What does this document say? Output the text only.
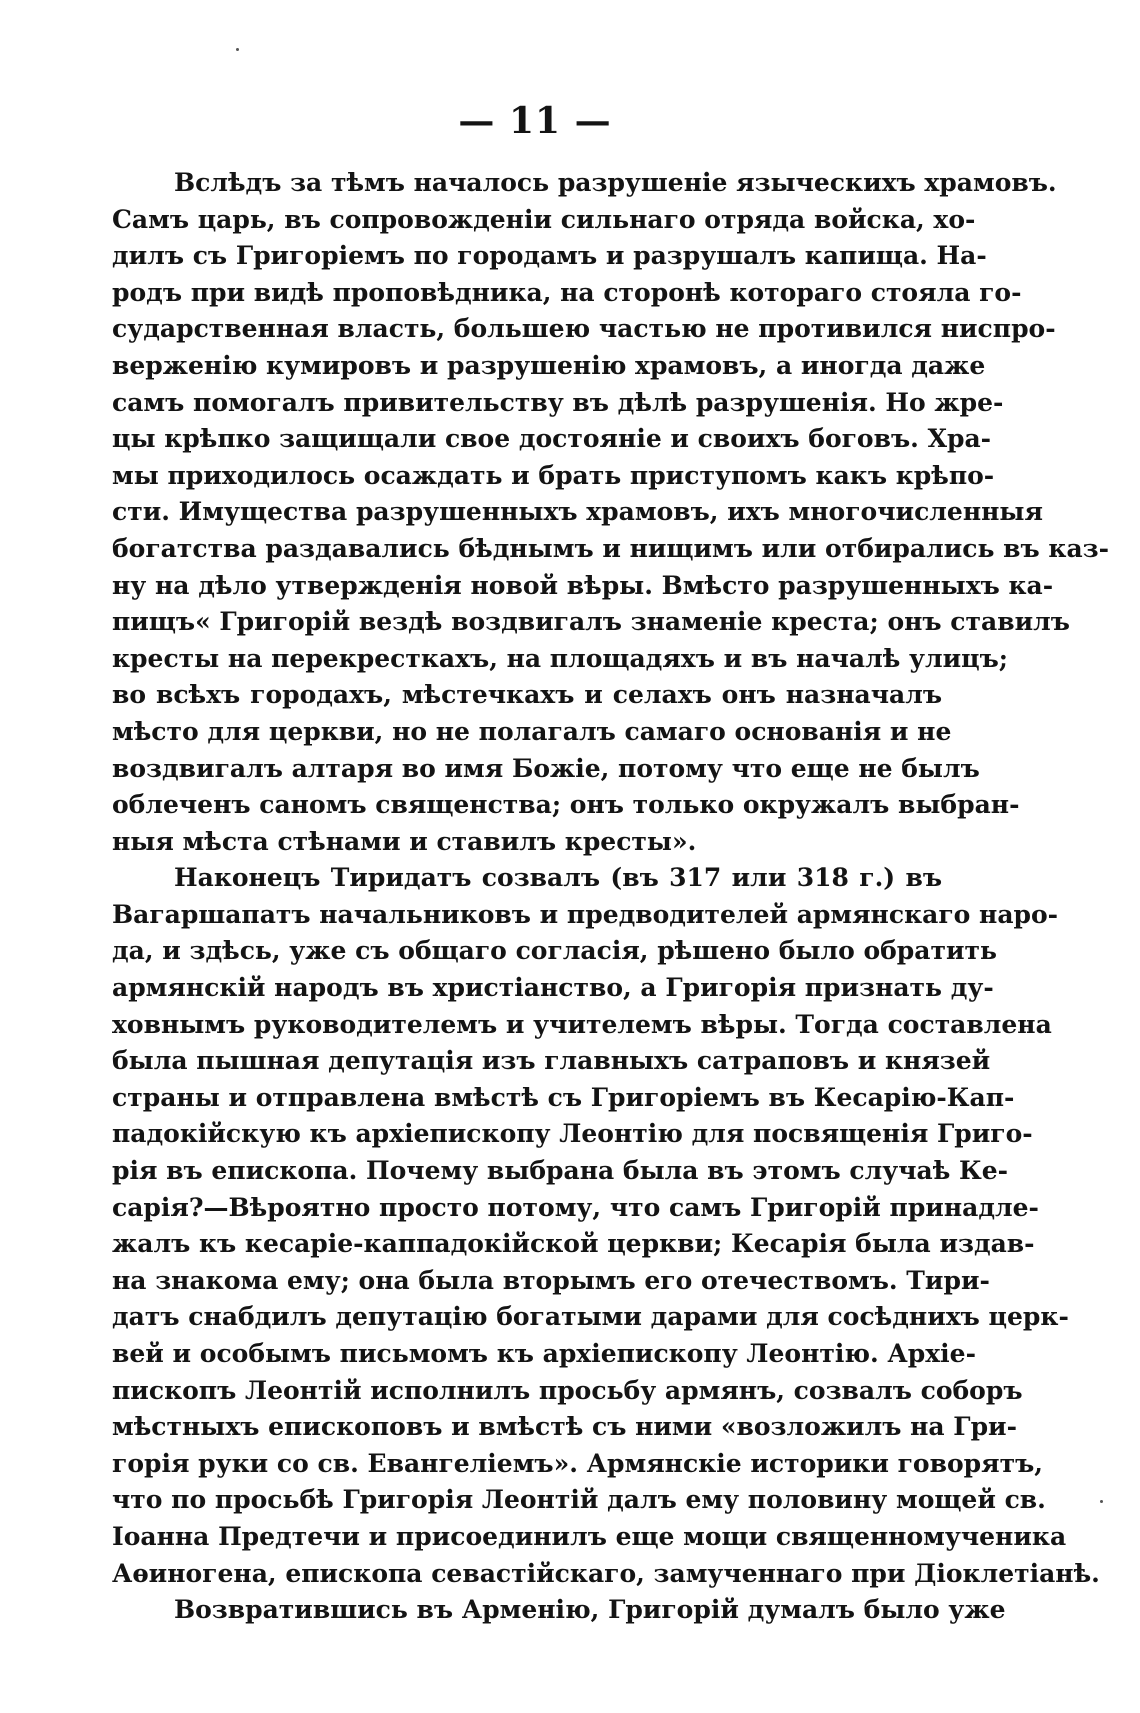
— 11 —
Вслѣдъ за тѣмъ началось разрушеніе языческихъ храмовъ.
Самъ царь, въ сопровожденіи сильнаго отряда войска, хо-
дилъ съ Григоріемъ по городамъ и разрушалъ капища. На-
родъ при видѣ проповѣдника, на сторонѣ котораго стояла го-
сударственная власть, большею частью не противился ниспро-
верженію кумировъ и разрушенію храмовъ, а иногда даже
самъ помогалъ привительству въ дѣлѣ разрушенія. Но жре-
цы крѣпко защищали свое достояніе и своихъ боговъ. Хра-
мы приходилось осаждать и брать приступомъ какъ крѣпо-
сти. Имущества разрушенныхъ храмовъ, ихъ многочисленныя
богатства раздавались бѣднымъ и нищимъ или отбирались въ каз-
ну на дѣло утвержденія новой вѣры. Вмѣсто разрушенныхъ ка-
пищъ« Григорій вездѣ воздвигалъ знаменіе креста; онъ ставилъ
кресты на перекресткахъ, на площадяхъ и въ началѣ улицъ;
во всѣхъ городахъ, мѣстечкахъ и селахъ онъ назначалъ
мѣсто для церкви, но не полагалъ самаго основанія и не
воздвигалъ алтаря во имя Божіе, потому что еще не былъ
облеченъ саномъ священства; онъ только окружалъ выбран-
ныя мѣста стѣнами и ставилъ кресты».
Наконецъ Тиридатъ созвалъ (въ 317 или 318 г.) въ
Вагаршапатъ начальниковъ и предводителей армянскаго наро-
да, и здѣсь, уже съ общаго согласія, рѣшено было обратить
армянскій народъ въ христіанство, а Григорія признать ду-
ховнымъ руководителемъ и учителемъ вѣры. Тогда составлена
была пышная депутація изъ главныхъ сатраповъ и князей
страны и отправлена вмѣстѣ съ Григоріемъ въ Кесарію-Кап-
падокійскую къ архіепископу Леонтію для посвященія Григо-
рія въ епископа. Почему выбрана была въ этомъ случаѣ Ке-
сарія?—Вѣроятно просто потому, что самъ Григорій принадле-
жалъ къ кесаріе-каппадокійской церкви; Кесарія была издав-
на знакома ему; она была вторымъ его отечествомъ. Тири-
датъ снабдилъ депутацію богатыми дарами для сосѣднихъ церк-
вей и особымъ письмомъ къ архіепископу Леонтію. Архіе-
пископъ Леонтій исполнилъ просьбу армянъ, созвалъ соборъ
мѣстныхъ епископовъ и вмѣстѣ съ ними «возложилъ на Гри-
горія руки со св. Евангеліемъ». Армянскіе историки говорятъ,
что по просьбѣ Григорія Леонтій далъ ему половину мощей св.
Іоанна Предтечи и присоединилъ еще мощи священномученика
Аѳиногена, епископа севастійскаго, замученнаго при Діоклетіанѣ.
Возвратившись въ Арменію, Григорій думалъ было уже
